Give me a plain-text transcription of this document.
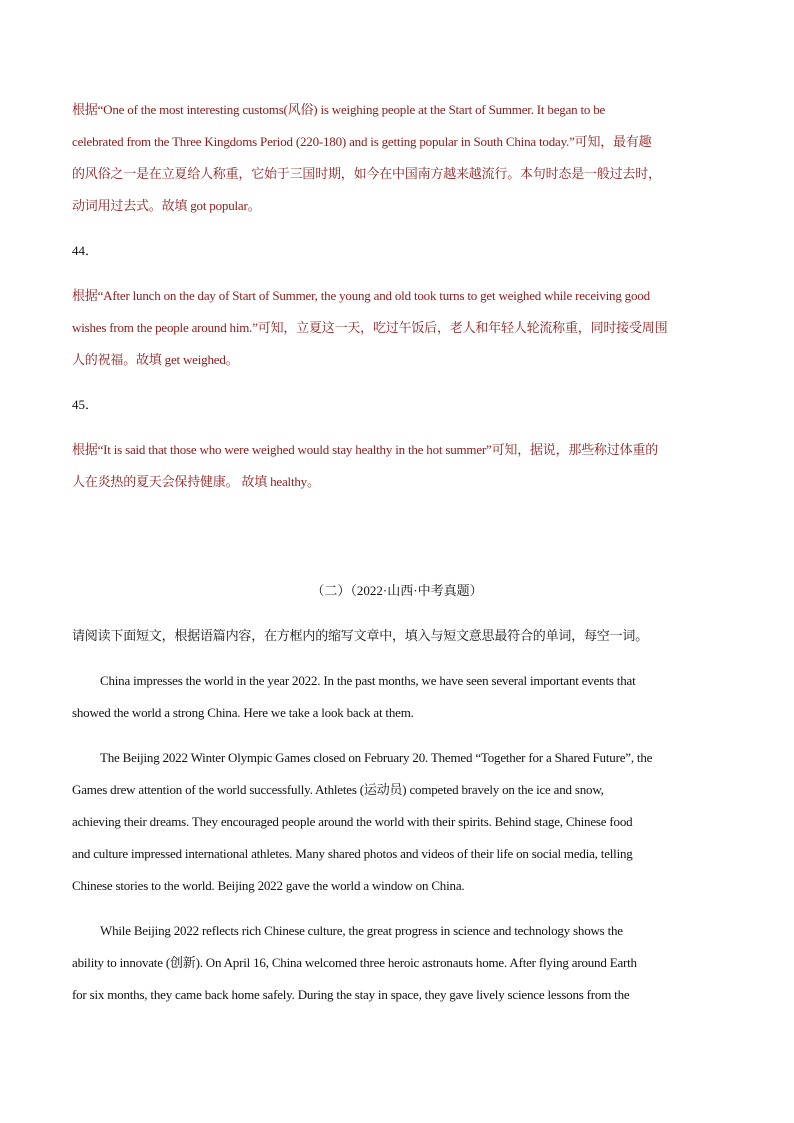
根据“One of the most interesting customs(风俗) is weighing people at the Start of Summer. It began to be
celebrated from the Three Kingdoms Period (220-180) and is getting popular in South China today.”可知，最有趣
的风俗之一是在立夏给人称重，它始于三国时期，如今在中国南方越来越流行。本句时态是一般过去时，
动词用过去式。故填 got popular。
44．
根据“After lunch on the day of Start of Summer, the young and old took turns to get weighed while receiving good
wishes from the people around him.”可知，立夏这一天，吃过午饭后，老人和年轻人轮流称重，同时接受周围
人的祝福。故填 get weighed。
45．
根据“It is said that those who were weighed would stay healthy in the hot summer”可知，据说，那些称过体重的
人在炎热的夏天会保持健康。 故填 healthy。
（二）（2022·山西·中考真题）
请阅读下面短文，根据语篇内容，在方框内的缩写文章中，填入与短文意思最符合的单词，每空一词。
China impresses the world in the year 2022. In the past months, we have seen several important events that
showed the world a strong China. Here we take a look back at them.
The Beijing 2022 Winter Olympic Games closed on February 20. Themed “Together for a Shared Future”, the
Games drew attention of the world successfully. Athletes (运动员) competed bravely on the ice and snow,
achieving their dreams. They encouraged people around the world with their spirits. Behind stage, Chinese food
and culture impressed international athletes. Many shared photos and videos of their life on social media, telling
Chinese stories to the world. Beijing 2022 gave the world a window on China.
While Beijing 2022 reflects rich Chinese culture, the great progress in science and technology shows the
ability to innovate (创新). On April 16, China welcomed three heroic astronauts home. After flying around Earth
for six months, they came back home safely. During the stay in space, they gave lively science lessons from the
